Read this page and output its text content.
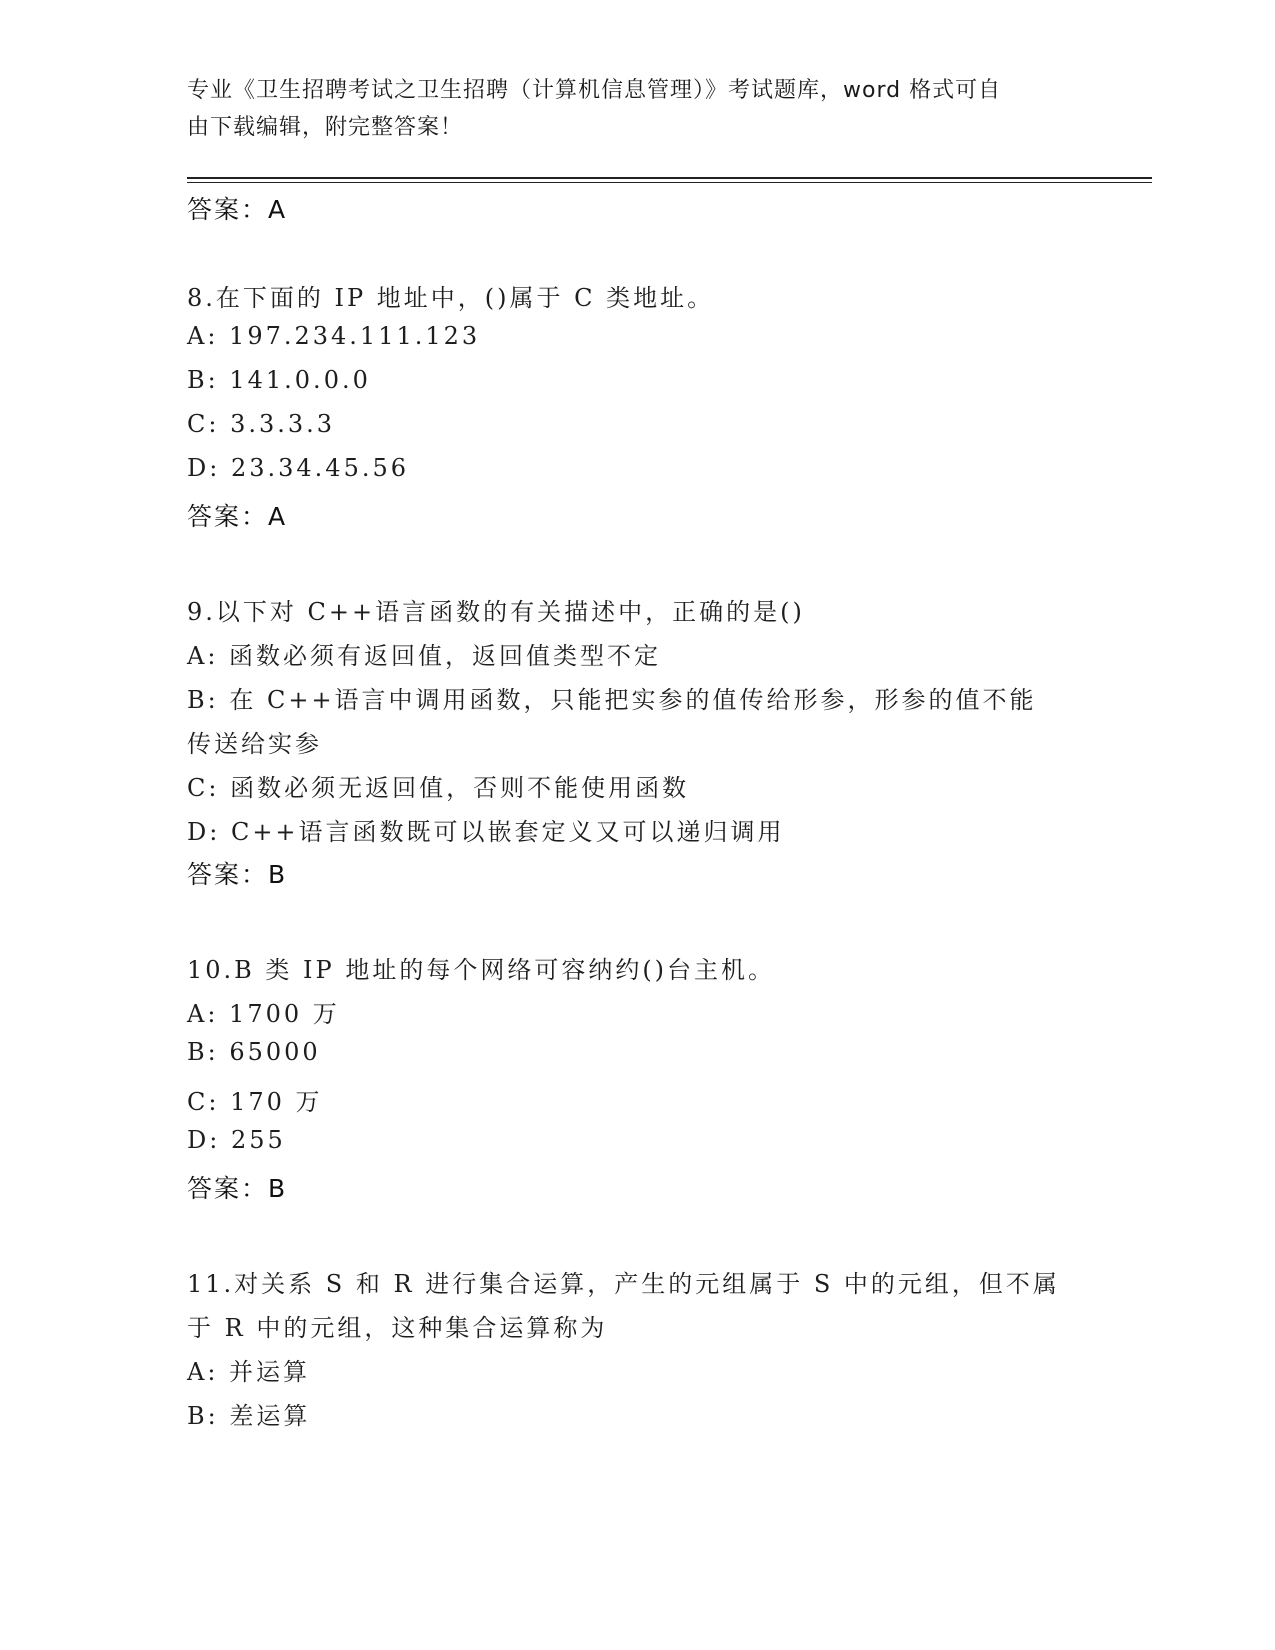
专业《卫生招聘考试之卫生招聘（计算机信息管理）》考试题库，word 格式可自
由下载编辑，附完整答案！
答案：A
8.在下面的 IP 地址中，()属于 C 类地址。
A: 197.234.111.123
B: 141.0.0.0
C: 3.3.3.3
D: 23.34.45.56
答案：A
9.以下对 C++语言函数的有关描述中，正确的是()
A: 函数必须有返回值，返回值类型不定
B: 在 C++语言中调用函数，只能把实参的值传给形参，形参的值不能
传送给实参
C: 函数必须无返回值，否则不能使用函数
D: C++语言函数既可以嵌套定义又可以递归调用
答案：B
10.B 类 IP 地址的每个网络可容纳约()台主机。
A: 1700 万
B: 65000
C: 170 万
D: 255
答案：B
11.对关系 S 和 R 进行集合运算，产生的元组属于 S 中的元组，但不属
于 R 中的元组，这种集合运算称为
A: 并运算
B: 差运算
